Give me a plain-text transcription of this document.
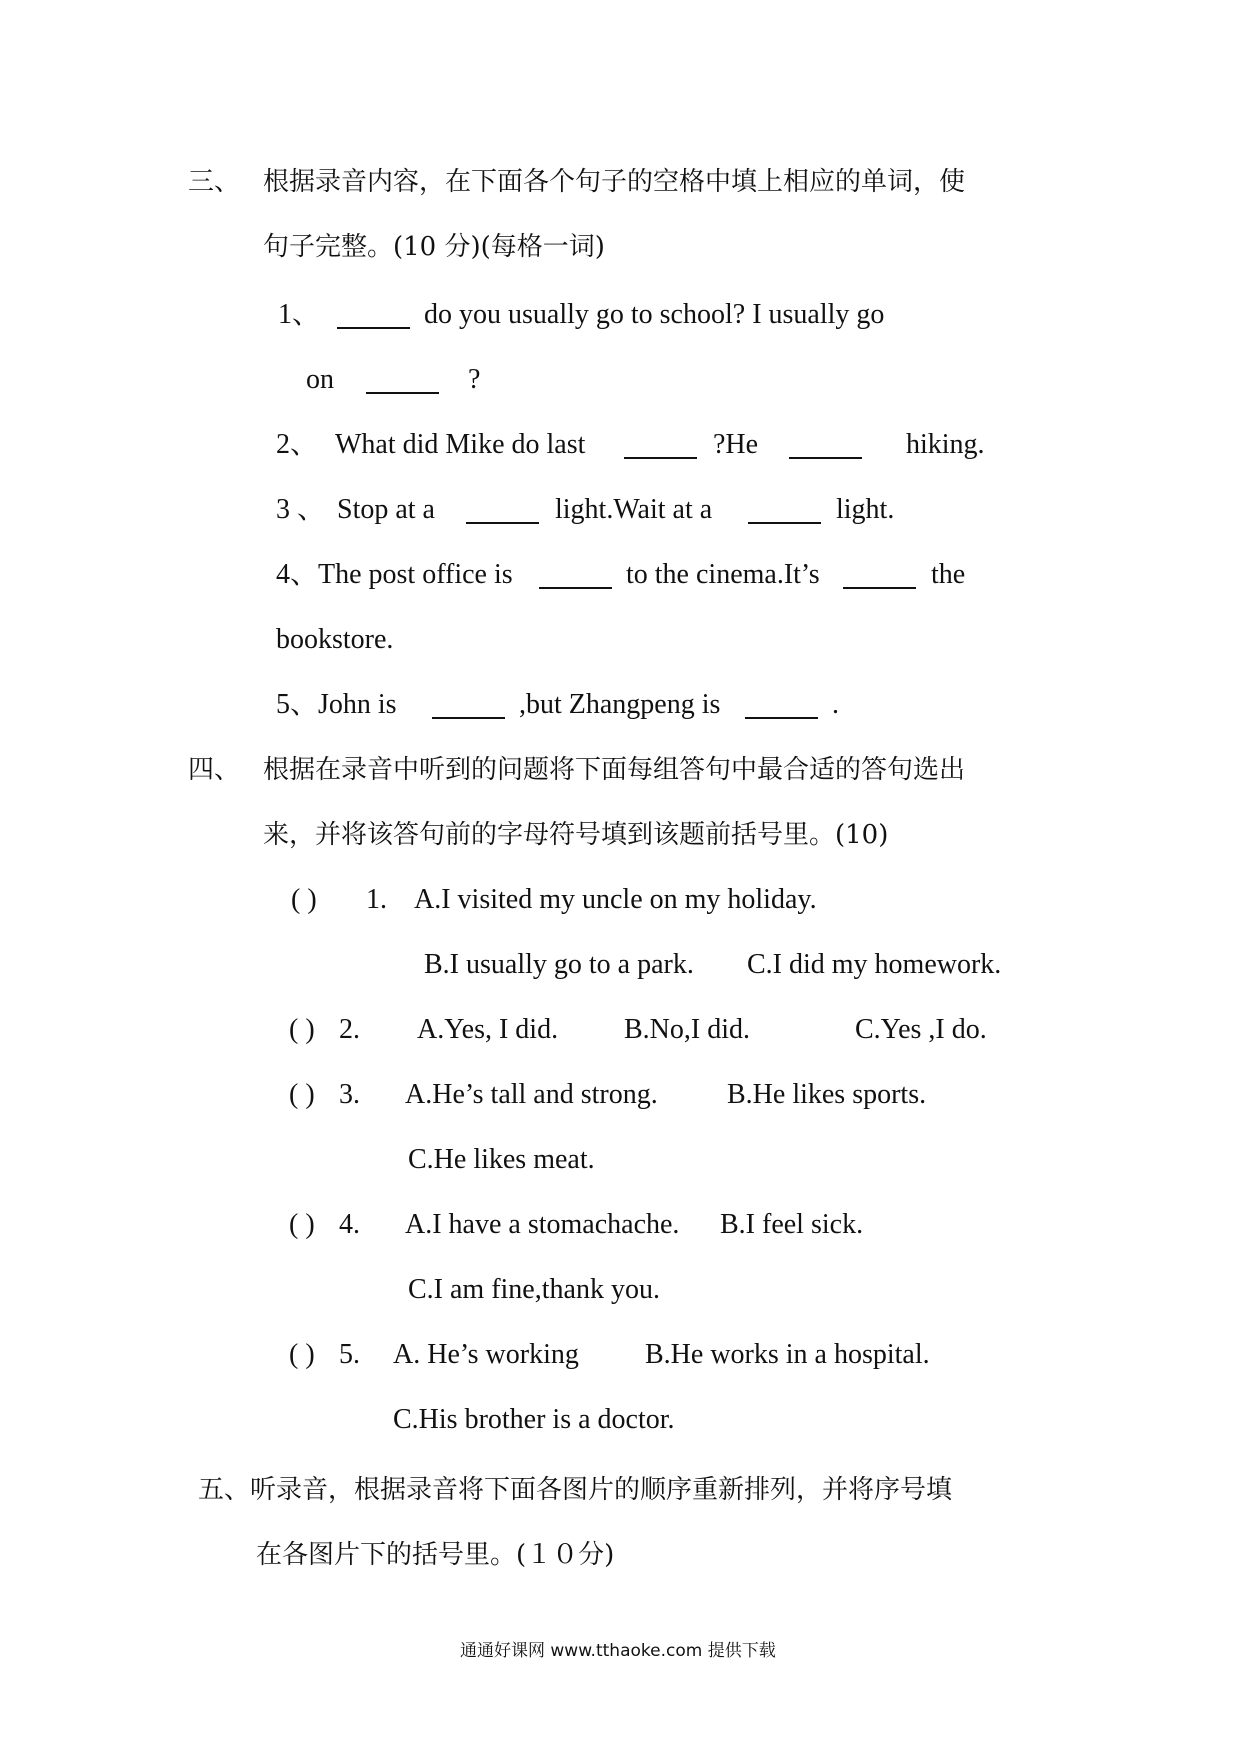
三、 根据录音内容，在下面各个句子的空格中填上相应的单词，使
句子完整。(10 分)(每格一词)
1、	do you usually go to school? I usually go
on	?
2、 What did Mike do last	?He	hiking.
3 、 Stop at a	light.Wait at a	light.
4、The post office is	to the cinema.It’s	the
bookstore.
5、John is	,but Zhangpeng is	.
四、 根据在录音中听到的问题将下面每组答句中最合适的答句选出
来，并将该答句前的字母符号填到该题前括号里。(10)
( ) 1. A.I visited my uncle on my holiday.
B.I usually go to a park. C.I did my homework.
( ) 2. A.Yes, I did. B.No,I did.	C.Yes ,I do.
( ) 3. A.He’s tall and strong. B.He likes sports.
C.He likes meat.
( ) 4. A.I have a stomachache. B.I feel sick.
C.I am fine,thank you.
( ) 5. A. He’s working B.He works in a hospital.
C.His brother is a doctor.
五、听录音，根据录音将下面各图片的顺序重新排列，并将序号填
在各图片下的括号里。(１０分)
通通好课网 www.tthaoke.com 提供下载
